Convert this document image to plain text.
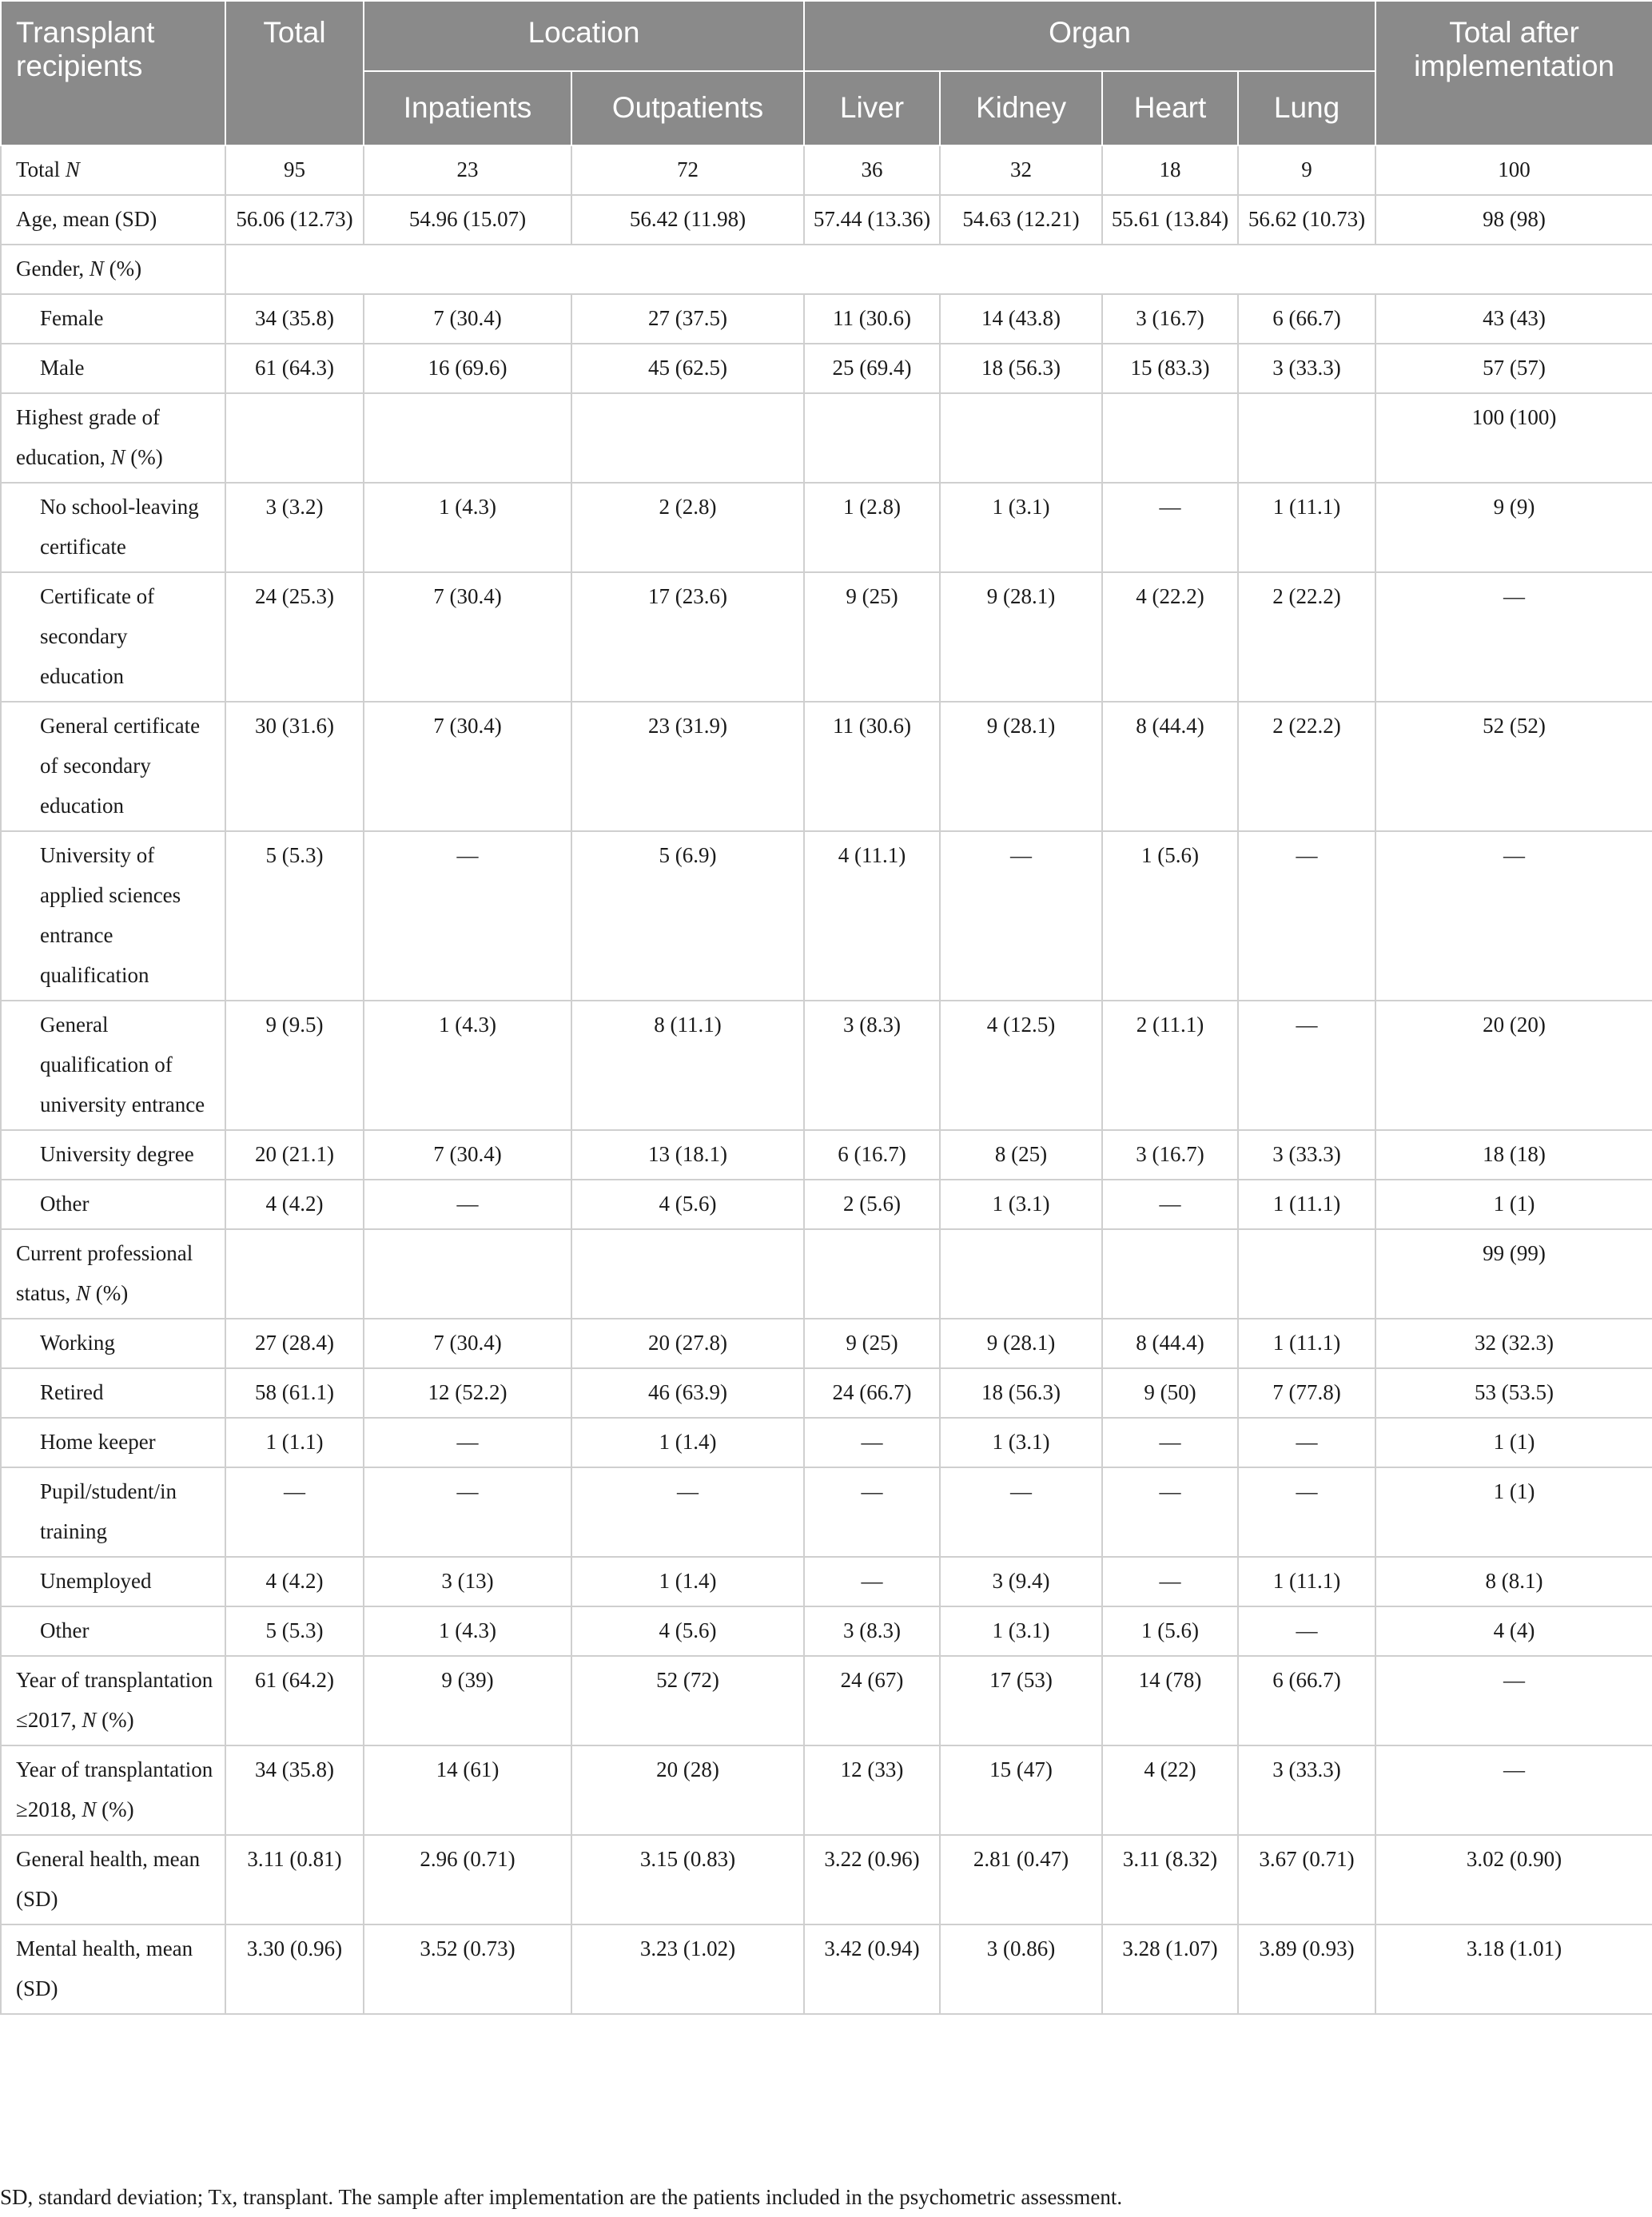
Transplant recipients	Total	Location		Organ				Total after implementation
		Inpatients	Outpatients	Liver	Kidney	Heart	Lung	
Total N	95	23	72	36	32	18	9	100
Age, mean (SD)	56.06 (12.73)	54.96 (15.07)	56.42 (11.98)	57.44 (13.36)	54.63 (12.21)	55.61 (13.84)	56.62 (10.73)	98 (98)
Gender, N (%)								
Female	34 (35.8)	7 (30.4)	27 (37.5)	11 (30.6)	14 (43.8)	3 (16.7)	6 (66.7)	43 (43)
Male	61 (64.3)	16 (69.6)	45 (62.5)	25 (69.4)	18 (56.3)	15 (83.3)	3 (33.3)	57 (57)
Highest grade of education, N (%)								100 (100)
No school-leaving certificate	3 (3.2)	1 (4.3)	2 (2.8)	1 (2.8)	1 (3.1)	—	1 (11.1)	9 (9)
Certificate of secondary education	24 (25.3)	7 (30.4)	17 (23.6)	9 (25)	9 (28.1)	4 (22.2)	2 (22.2)	—
General certificate of secondary education	30 (31.6)	7 (30.4)	23 (31.9)	11 (30.6)	9 (28.1)	8 (44.4)	2 (22.2)	52 (52)
University of applied sciences entrance qualification	5 (5.3)	—	5 (6.9)	4 (11.1)	—	1 (5.6)	—	—
General qualification of university entrance	9 (9.5)	1 (4.3)	8 (11.1)	3 (8.3)	4 (12.5)	2 (11.1)	—	20 (20)
University degree	20 (21.1)	7 (30.4)	13 (18.1)	6 (16.7)	8 (25)	3 (16.7)	3 (33.3)	18 (18)
Other	4 (4.2)	—	4 (5.6)	2 (5.6)	1 (3.1)	—	1 (11.1)	1 (1)
Current professional status, N (%)								99 (99)
Working	27 (28.4)	7 (30.4)	20 (27.8)	9 (25)	9 (28.1)	8 (44.4)	1 (11.1)	32 (32.3)
Retired	58 (61.1)	12 (52.2)	46 (63.9)	24 (66.7)	18 (56.3)	9 (50)	7 (77.8)	53 (53.5)
Home keeper	1 (1.1)	—	1 (1.4)	—	1 (3.1)	—	—	1 (1)
Pupil/student/in training	—	—	—	—	—	—	—	1 (1)
Unemployed	4 (4.2)	3 (13)	1 (1.4)	—	3 (9.4)	—	1 (11.1)	8 (8.1)
Other	5 (5.3)	1 (4.3)	4 (5.6)	3 (8.3)	1 (3.1)	1 (5.6)	—	4 (4)
Year of transplantation ≤2017, N (%)	61 (64.2)	9 (39)	52 (72)	24 (67)	17 (53)	14 (78)	6 (66.7)	—
Year of transplantation ≥2018, N (%)	34 (35.8)	14 (61)	20 (28)	12 (33)	15 (47)	4 (22)	3 (33.3)	—
General health, mean (SD)	3.11 (0.81)	2.96 (0.71)	3.15 (0.83)	3.22 (0.96)	2.81 (0.47)	3.11 (8.32)	3.67 (0.71)	3.02 (0.90)
Mental health, mean (SD)	3.30 (0.96)	3.52 (0.73)	3.23 (1.02)	3.42 (0.94)	3 (0.86)	3.28 (1.07)	3.89 (0.93)	3.18 (1.01)
SD, standard deviation; Tx, transplant. The sample after implementation are the patients included in the psychometric assessment.
